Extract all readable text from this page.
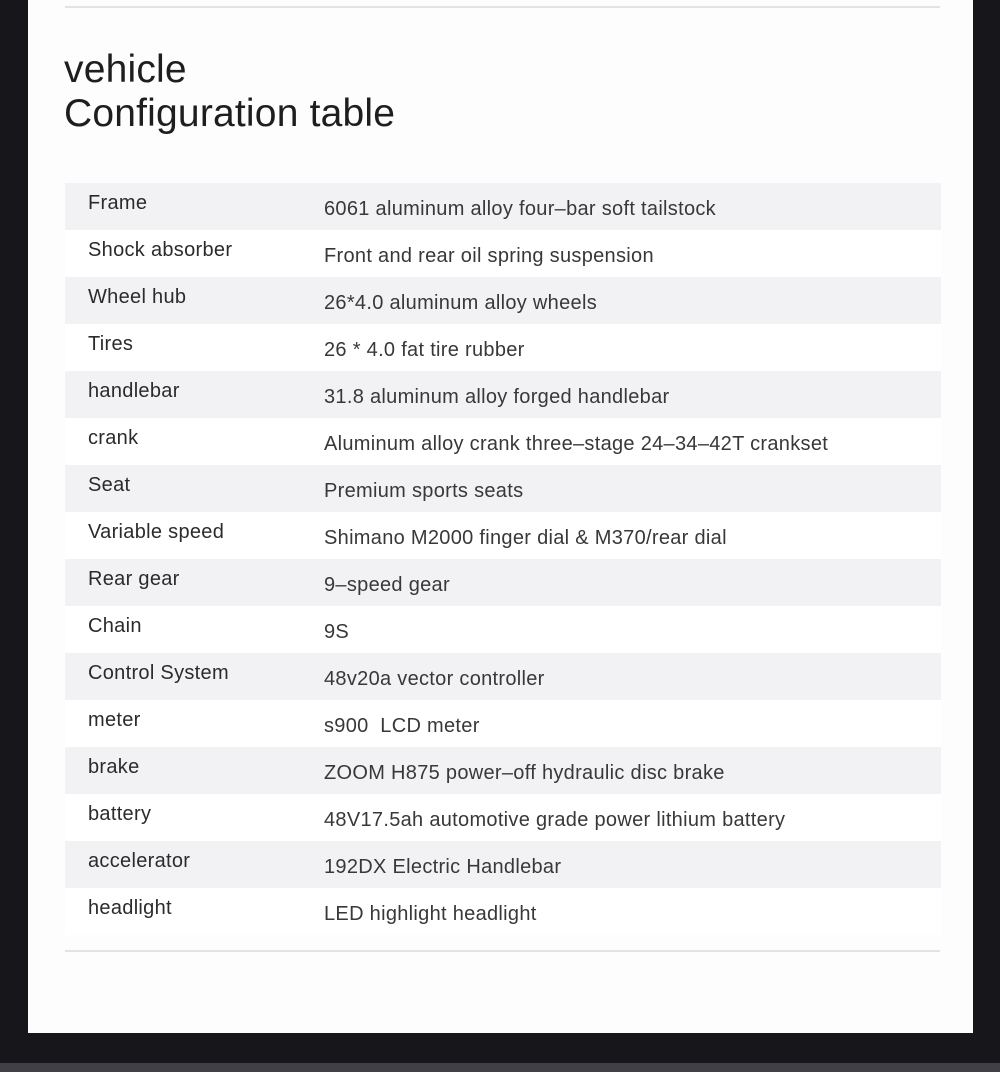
vehicle
Configuration table
Frame	6061 aluminum alloy four–bar soft tailstock
Shock absorber	Front and rear oil spring suspension
Wheel hub	26*4.0 aluminum alloy wheels
Tires	26 * 4.0 fat tire rubber
handlebar	31.8 aluminum alloy forged handlebar
crank	Aluminum alloy crank three–stage 24–34–42T crankset
Seat	Premium sports seats
Variable speed	Shimano M2000 finger dial & M370/rear dial
Rear gear	9–speed gear
Chain	9S
Control System	48v20a vector controller
meter	s900  LCD meter
brake	ZOOM H875 power–off hydraulic disc brake
battery	48V17.5ah automotive grade power lithium battery
accelerator	192DX Electric Handlebar
headlight	LED highlight headlight
